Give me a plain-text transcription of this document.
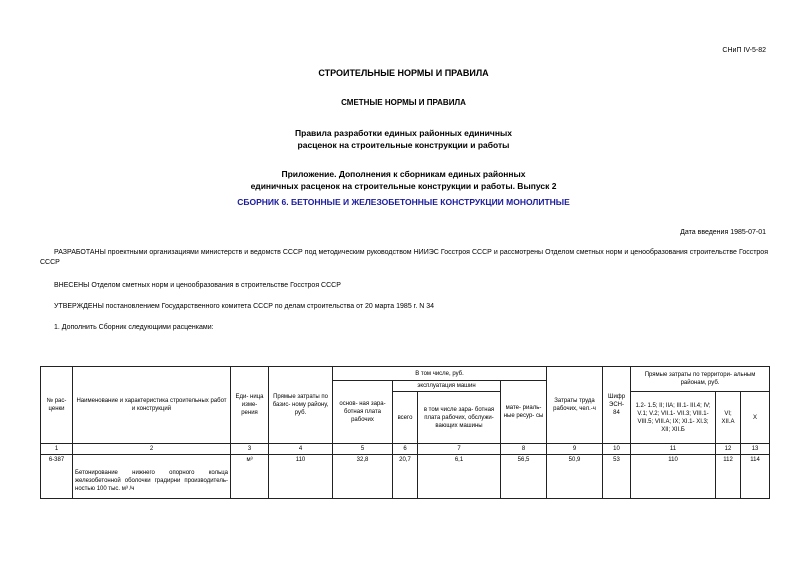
СНиП IV-5-82
СТРОИТЕЛЬНЫЕ НОРМЫ И ПРАВИЛА
СМЕТНЫЕ НОРМЫ И ПРАВИЛА
Правила разработки единых районных единичных
расценок на строительные конструкции и работы
Приложение. Дополнения к сборникам единых районных
единичных расценок на строительные конструкции и работы. Выпуск 2
СБОРНИК 6. БЕТОННЫЕ И ЖЕЛЕЗОБЕТОННЫЕ КОНСТРУКЦИИ МОНОЛИТНЫЕ
Дата введения 1985-07-01
РАЗРАБОТАНЫ проектными организациями министерств и ведомств СССР под методическим руководством НИИЭС Госстроя СССР и рассмотрены Отделом сметных норм и ценообразования строительстве Госстроя СССР
ВНЕСЕНЫ Отделом сметных норм и ценообразования в строительстве Госстроя СССР
УТВЕРЖДЕНЫ постановлением Государственного комитета СССР по делам строительства от 20 марта 1985 г. N 34
1. Дополнить Сборник следующими расценками:
№ рас- ценки	Наименование и характеристика строительных работ и конструкций	Еди- ница изме- рения	Прямые затраты по базис- ному району, руб.	В том числе, руб.				Затраты труда рабочих, чел.-ч	Шифр ЭСН- 84	Прямые затраты по территори- альным районам, руб.		
				основ- ная зара- ботная плата рабочих	эксплуатация машин		мате- риаль- ные ресур- сы					
					всего	в том числе зара- ботная плата рабочих, обслужи- вающих машины				1.2- 1.5; II; IIA; III.1- III.4; IV; V.1; V.2; VII.1- VII.3; VIII.1- VIII.5; VIII.А; IX; XI.1- XI.3; XII; XII.Б	VI; XII.А	X
1	2	3	4	5	6	7	8	9	10	11	12	13
6-387	Бетонирование нижнего опорного кольца железобетонной оболочки градирни производитель- ностью 100 тыс. м³ /ч	м³	110	32,8	20,7	6,1	56,5	50,9	53	110	112	114
